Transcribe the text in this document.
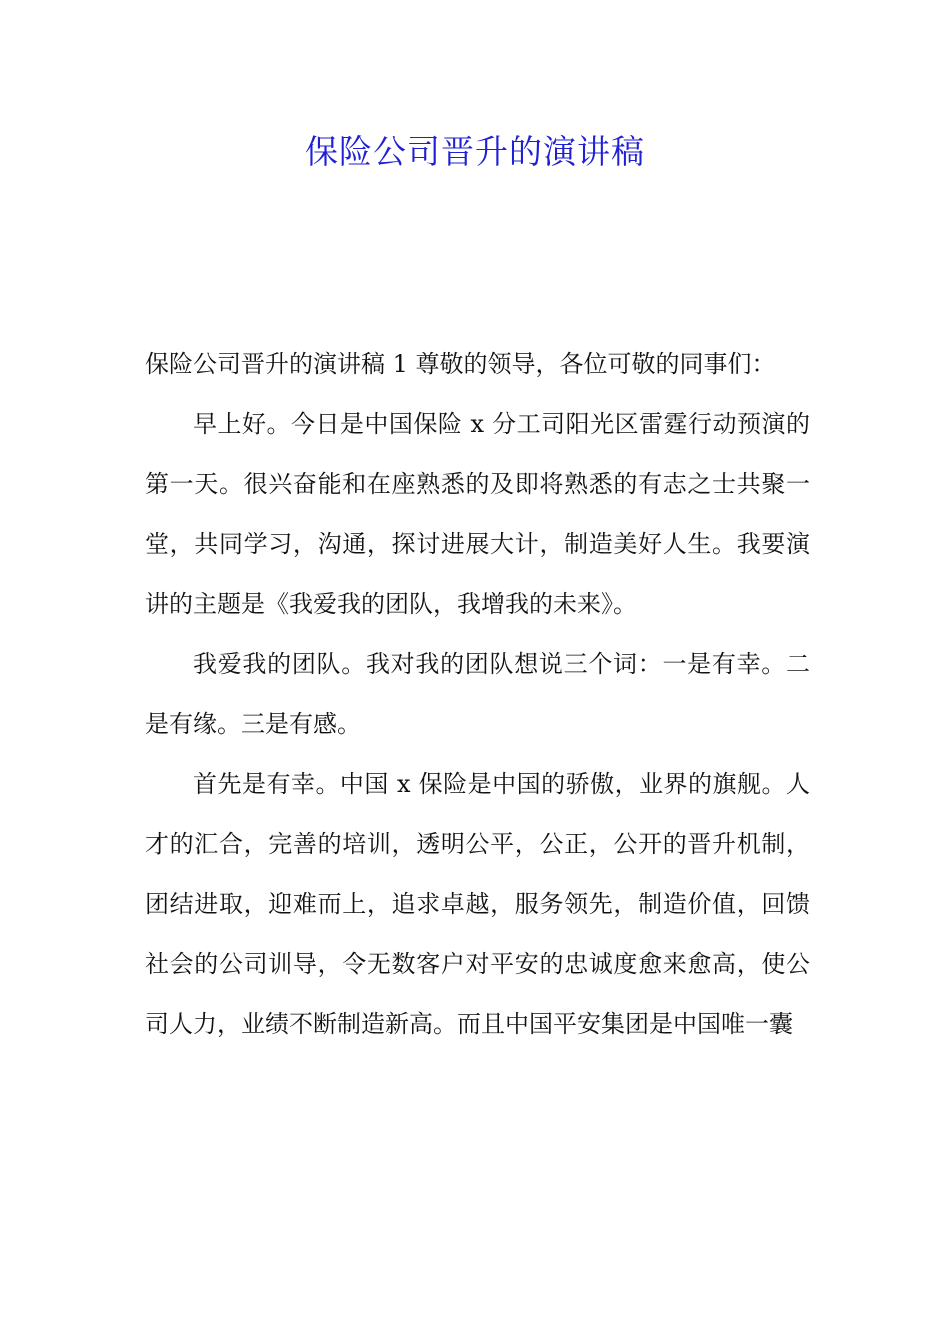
保险公司晋升的演讲稿

保险公司晋升的演讲稿 1 尊敬的领导，各位可敬的同事们：

早上好。今日是中国保险 x 分工司阳光区雷霆行动预演的第一天。很兴奋能和在座熟悉的及即将熟悉的有志之士共聚一堂，共同学习，沟通，探讨进展大计，制造美好人生。我要演讲的主题是《我爱我的团队，我增我的未来》。

我爱我的团队。我对我的团队想说三个词：一是有幸。二是有缘。三是有感。

首先是有幸。中国 x 保险是中国的骄傲，业界的旗舰。人才的汇合，完善的培训，透明公平，公正，公开的晋升机制，团结进取，迎难而上，追求卓越，服务领先，制造价值，回馈社会的公司训导，令无数客户对平安的忠诚度愈来愈高，使公司人力，业绩不断制造新高。而且中国平安集团是中国唯一囊
